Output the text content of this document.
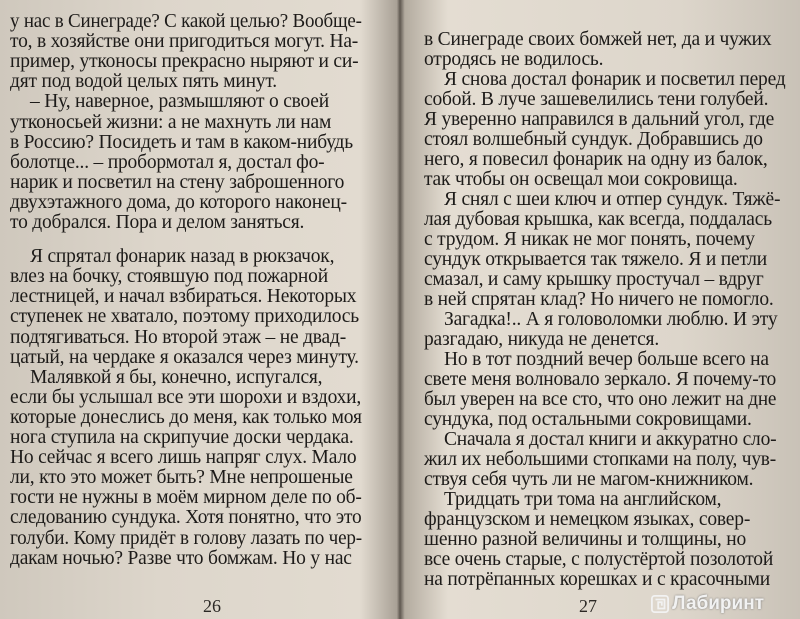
у нас в Синеграде? С какой целью? Вообще-
то, в хозяйстве они пригодиться могут. На-
пример, утконосы прекрасно ныряют и си-
дят под водой целых пять минут.
– Ну, наверное, размышляют о своей
утконосьей жизни: а не махнуть ли нам
в Россию? Посидеть и там в каком-нибудь
болотце... – пробормотал я, достал фо-
нарик и посветил на стену заброшенного
двухэтажного дома, до которого наконец-
то добрался. Пора и делом заняться.
Я спрятал фонарик назад в рюкзачок,
влез на бочку, стоявшую под пожарной
лестницей, и начал взбираться. Некоторых
ступенек не хватало, поэтому приходилось
подтягиваться. Но второй этаж – не двад-
цатый, на чердаке я оказался через минуту.
Малявкой я бы, конечно, испугался,
если бы услышал все эти шорохи и вздохи,
которые донеслись до меня, как только моя
нога ступила на скрипучие доски чердака.
Но сейчас я всего лишь напряг слух. Мало
ли, кто это может быть? Мне непрошеные
гости не нужны в моём мирном деле по об-
следованию сундука. Хотя понятно, что это
голуби. Кому придёт в голову лазать по чер-
дакам ночью? Разве что бомжам. Но у нас
26
в Синеграде своих бомжей нет, да и чужих
отродясь не водилось.
Я снова достал фонарик и посветил перед
собой. В луче зашевелились тени голубей.
Я уверенно направился в дальний угол, где
стоял волшебный сундук. Добравшись до
него, я повесил фонарик на одну из балок,
так чтобы он освещал мои сокровища.
Я снял с шеи ключ и отпер сундук. Тяжё-
лая дубовая крышка, как всегда, поддалась
с трудом. Я никак не мог понять, почему
сундук открывается так тяжело. Я и петли
смазал, и саму крышку простучал – вдруг
в ней спрятан клад? Но ничего не помогло.
Загадка!.. А я головоломки люблю. И эту
разгадаю, никуда не денется.
Но в тот поздний вечер больше всего на
свете меня волновало зеркало. Я почему-то
был уверен на все сто, что оно лежит на дне
сундука, под остальными сокровищами.
Сначала я достал книги и аккуратно сло-
жил их небольшими стопками на полу, чув-
ствуя себя чуть ли не магом-книжником.
Тридцать три тома на английском,
французском и немецком языках, совер-
шенно разной величины и толщины, но
все очень старые, с полустёртой позолотой
на потрёпанных корешках и с красочными
27	Лабиринт
